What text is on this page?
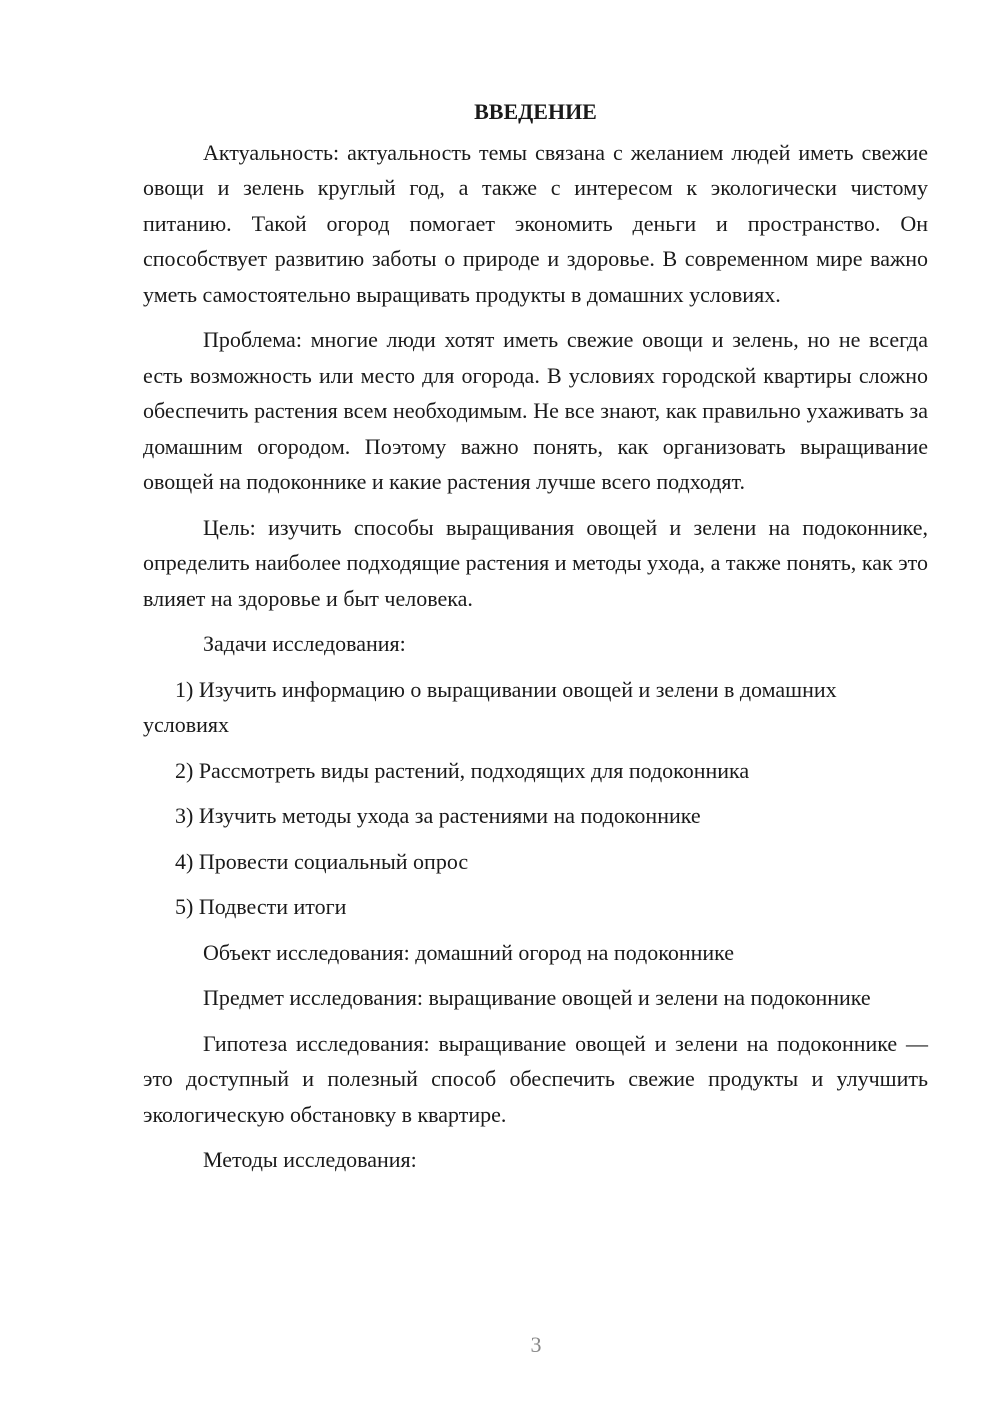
ВВЕДЕНИЕ

Актуальность: актуальность темы связана с желанием людей иметь свежие овощи и зелень круглый год, а также с интересом к экологически чистому питанию. Такой огород помогает экономить деньги и пространство. Он способствует развитию заботы о природе и здоровье. В современном мире важно уметь самостоятельно выращивать продукты в домашних условиях.

Проблема: многие люди хотят иметь свежие овощи и зелень, но не всегда есть возможность или место для огорода. В условиях городской квартиры сложно обеспечить растения всем необходимым. Не все знают, как правильно ухаживать за домашним огородом. Поэтому важно понять, как организовать выращивание овощей на подоконнике и какие растения лучше всего подходят.

Цель: изучить способы выращивания овощей и зелени на подоконнике, определить наиболее подходящие растения и методы ухода, а также понять, как это влияет на здоровье и быт человека.

Задачи исследования:

1) Изучить информацию о выращивании овощей и зелени в домашних условиях

2) Рассмотреть виды растений, подходящих для подоконника

3) Изучить методы ухода за растениями на подоконнике

4) Провести социальный опрос

5) Подвести итоги

Объект исследования: домашний огород на подоконнике

Предмет исследования: выращивание овощей и зелени на подоконнике

Гипотеза исследования: выращивание овощей и зелени на подоконнике — это доступный и полезный способ обеспечить свежие продукты и улучшить экологическую обстановку в квартире.

Методы исследования:

3
